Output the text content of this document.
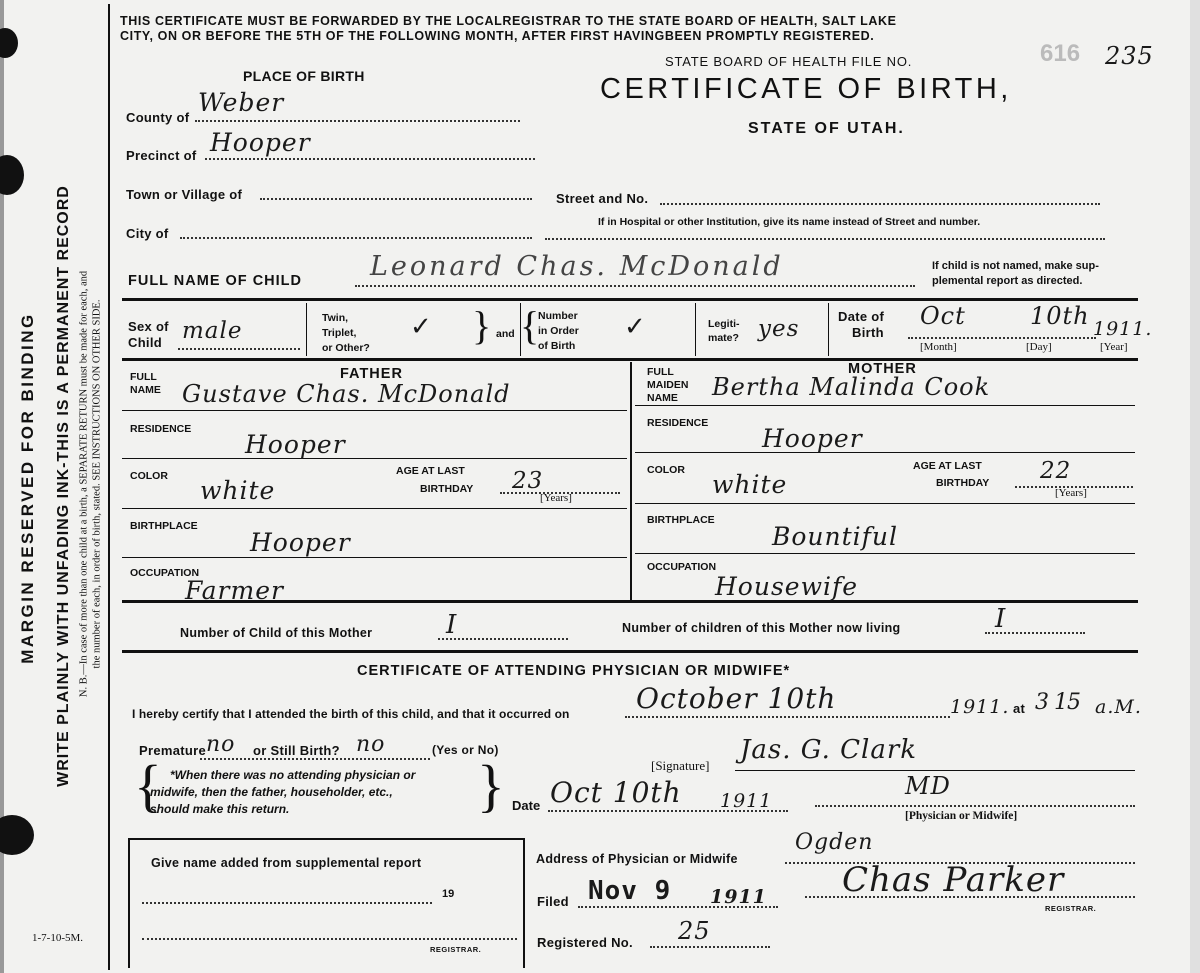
MARGIN RESERVED FOR BINDING WRITE PLAINLY WITH UNFADING INK-THIS IS A PERMANENT RECORD N. B.—In case of more than one child at a birth, a SEPARATE RETURN must be made for each, and the number of each, in order of birth, stated. SEE INSTRUCTIONS ON OTHER SIDE.
1-7-10-5M.
THIS CERTIFICATE MUST BE FORWARDED BY THE LOCALREGISTRAR TO THE STATE BOARD OF HEALTH, SALT LAKE
CITY, ON OR BEFORE THE 5TH OF THE FOLLOWING MONTH, AFTER FIRST HAVINGBEEN PROMPTLY REGISTERED.
STATE BOARD OF HEALTH FILE NO.	616 235
CERTIFICATE OF BIRTH,
STATE OF UTAH.
PLACE OF BIRTH
County of
Weber
Precinct of Hooper
Town or Village of
City of
Street and No.
If in Hospital or other Institution, give its name instead of Street and number.
FULL NAME OF CHILD	Leonard Chas. McDonald	If child is not named, make sup-
plemental report as directed.
Sex of
Child male	Twin,
Triplet,
or Other?
✓ } and {
Number
in Order
of Birth
✓	Legiti-
mate? yes	Date of
Birth
Oct	10th 1911.
[Month]	[Day]	[Year]
FATHER
FULL
NAME Gustave Chas. McDonald
RESIDENCE
Hooper
COLOR white
AGE AT LAST
BIRTHDAY 23
[Years]
BIRTHPLACE
Hooper
OCCUPATION
Farmer
MOTHER
FULL
MAIDEN
NAME Bertha Malinda Cook
RESIDENCE
Hooper
COLOR white
AGE AT LAST
BIRTHDAY 22
[Years]
BIRTHPLACE
Bountiful
OCCUPATION
Housewife
Number of Child of this Mother	I	Number of children of this Mother now living	I
CERTIFICATE OF ATTENDING PHYSICIAN OR MIDWIFE*
I hereby certify that I attended the birth of this child, and that it occurred on October 10th	1911. at 3 15 a.M.
Premature no or Still Birth? no	(Yes or No)
{ *When there was no attending physician or
midwife, then the father, householder, etc.,
should make this return.	}	[Signature]
Jas. G. Clark
Date Oct 10th 1911
MD
[Physician or Midwife]
Give name added from supplemental report
19
REGISTRAR.
Address of Physician or Midwife
Ogden
Filed Nov 9 1911 Chas Parker
REGISTRAR.
Registered No. 25
